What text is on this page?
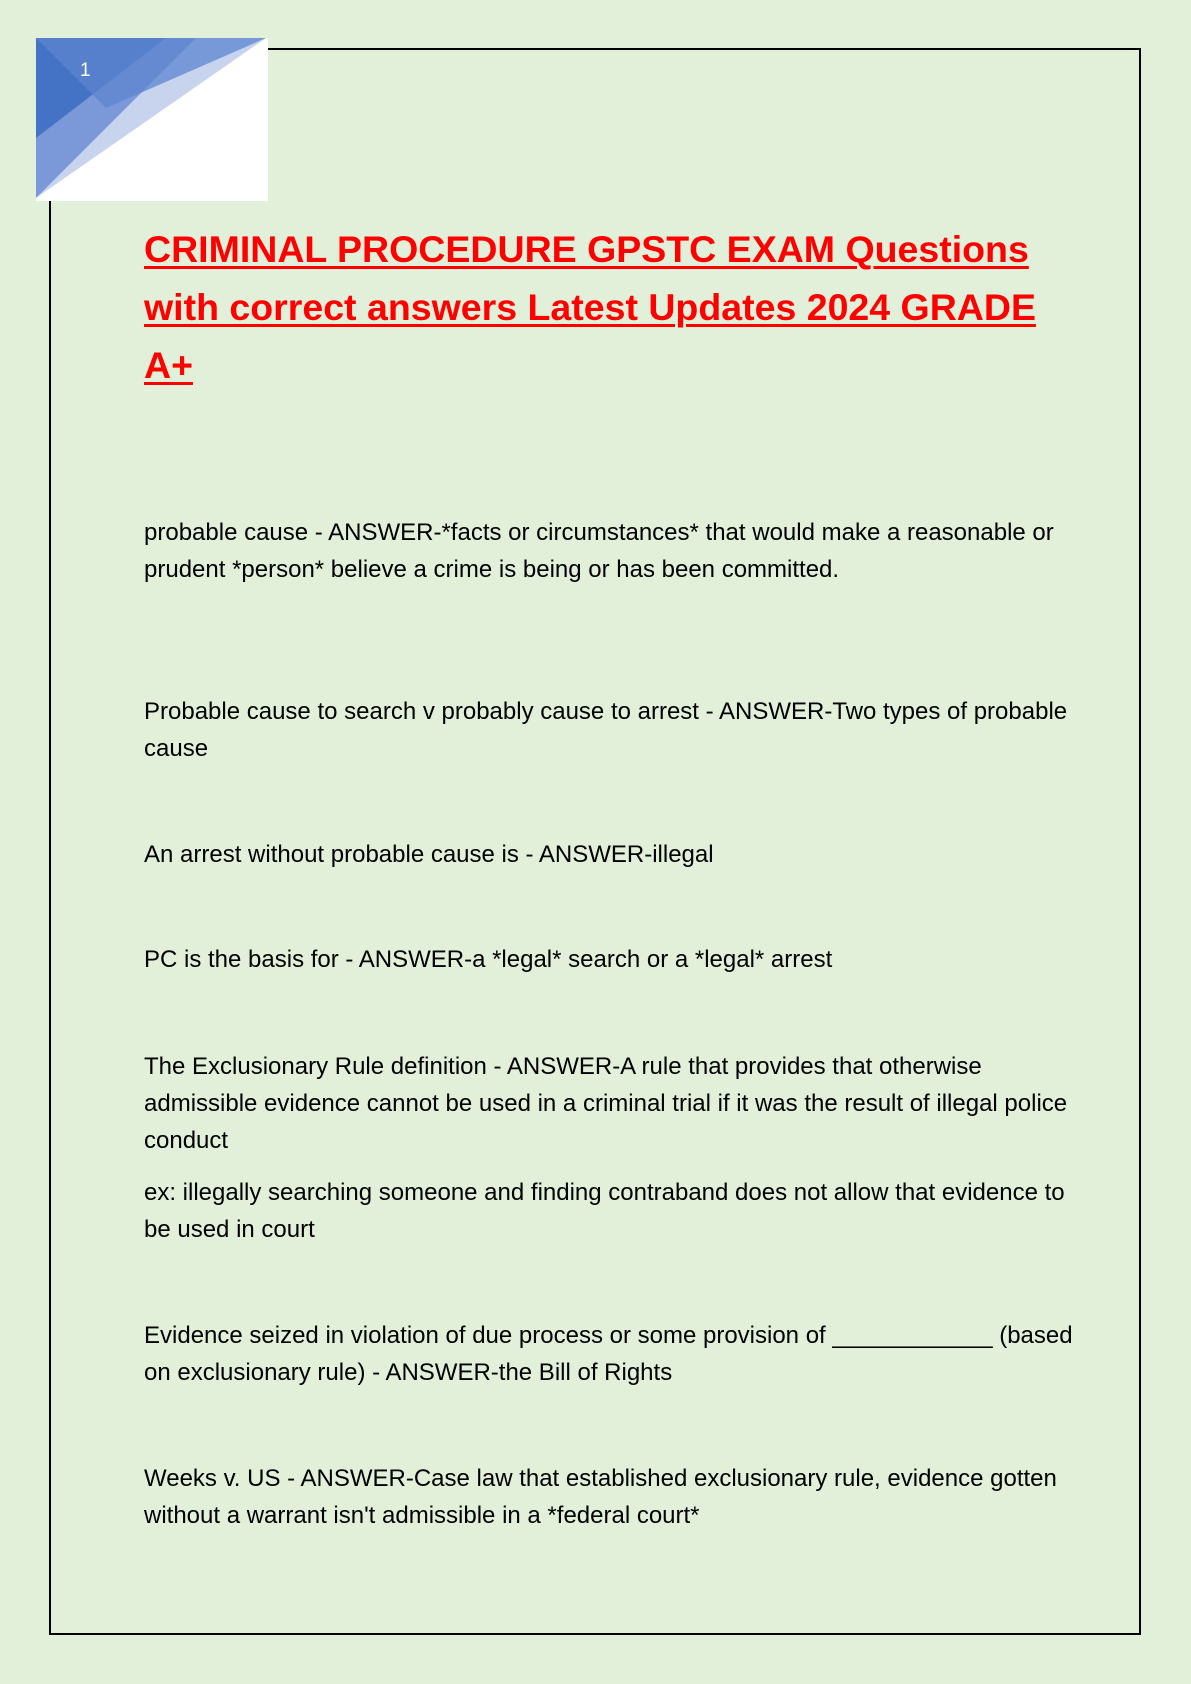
1
CRIMINAL PROCEDURE GPSTC EXAM Questions with correct answers Latest Updates 2024 GRADE A+

probable cause - ANSWER-*facts or circumstances* that would make a reasonable or prudent *person* believe a crime is being or has been committed.

Probable cause to search v probably cause to arrest - ANSWER-Two types of probable cause

An arrest without probable cause is - ANSWER-illegal

PC is the basis for - ANSWER-a *legal* search or a *legal* arrest

The Exclusionary Rule definition - ANSWER-A rule that provides that otherwise admissible evidence cannot be used in a criminal trial if it was the result of illegal police conduct

ex: illegally searching someone and finding contraband does not allow that evidence to be used in court

Evidence seized in violation of due process or some provision of ____________ (based on exclusionary rule) - ANSWER-the Bill of Rights

Weeks v. US - ANSWER-Case law that established exclusionary rule, evidence gotten without a warrant isn't admissible in a *federal court*
